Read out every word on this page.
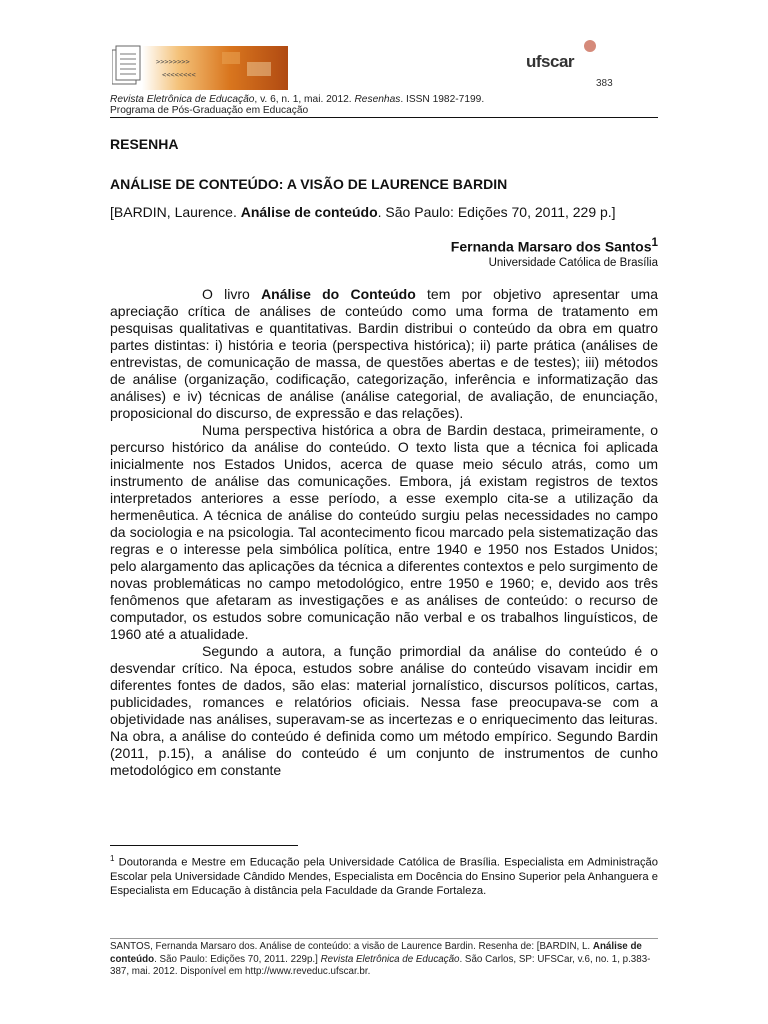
>>>>>>>>
<<<<<<<<
ufscar
383
Revista Eletrônica de Educação, v. 6, n. 1, mai. 2012. Resenhas. ISSN 1982-7199.
Programa de Pós-Graduação em Educação
RESENHA
ANÁLISE DE CONTEÚDO: A VISÃO DE LAURENCE BARDIN
[BARDIN, Laurence. Análise de conteúdo. São Paulo: Edições 70, 2011, 229 p.]
Fernanda Marsaro dos Santos$^1$
Universidade Católica de Brasília

O livro Análise do Conteúdo tem por objetivo apresentar uma apreciação crítica de análises de conteúdo como uma forma de tratamento em pesquisas qualitativas e quantitativas. Bardin distribui o conteúdo da obra em quatro partes distintas: i) história e teoria (perspectiva histórica); ii) parte prática (análises de entrevistas, de comunicação de massa, de questões abertas e de testes); iii) métodos de análise (organização, codificação, categorização, inferência e informatização das análises) e iv) técnicas de análise (análise categorial, de avaliação, de enunciação, proposicional do discurso, de expressão e das relações).

Numa perspectiva histórica a obra de Bardin destaca, primeiramente, o percurso histórico da análise do conteúdo. O texto lista que a técnica foi aplicada inicialmente nos Estados Unidos, acerca de quase meio século atrás, como um instrumento de análise das comunicações. Embora, já existam registros de textos interpretados anteriores a esse período, a esse exemplo cita-se a utilização da hermenêutica. A técnica de análise do conteúdo surgiu pelas necessidades no campo da sociologia e na psicologia. Tal acontecimento ficou marcado pela sistematização das regras e o interesse pela simbólica política, entre 1940 e 1950 nos Estados Unidos; pelo alargamento das aplicações da técnica a diferentes contextos e pelo surgimento de novas problemáticas no campo metodológico, entre 1950 e 1960; e, devido aos três fenômenos que afetaram as investigações e as análises de conteúdo: o recurso de computador, os estudos sobre comunicação não verbal e os trabalhos linguísticos, de 1960 até a atualidade.

Segundo a autora, a função primordial da análise do conteúdo é o desvendar crítico. Na época, estudos sobre análise do conteúdo visavam incidir em diferentes fontes de dados, são elas: material jornalístico, discursos políticos, cartas, publicidades, romances e relatórios oficiais. Nessa fase preocupava-se com a objetividade nas análises, superavam-se as incertezas e o enriquecimento das leituras. Na obra, a análise do conteúdo é definida como um método empírico. Segundo Bardin (2011, p.15), a análise do conteúdo é um conjunto de instrumentos de cunho metodológico em constante

$^1$ Doutoranda e Mestre em Educação pela Universidade Católica de Brasília. Especialista em Administração Escolar pela Universidade Cândido Mendes, Especialista em Docência do Ensino Superior pela Anhanguera e Especialista em Educação à distância pela Faculdade da Grande Fortaleza.
SANTOS, Fernanda Marsaro dos. Análise de conteúdo: a visão de Laurence Bardin. Resenha de: [BARDIN, L. Análise de conteúdo. São Paulo: Edições 70, 2011. 229p.] Revista Eletrônica de Educação. São Carlos, SP: UFSCar, v.6, no. 1, p.383-387, mai. 2012. Disponível em http://www.reveduc.ufscar.br.
